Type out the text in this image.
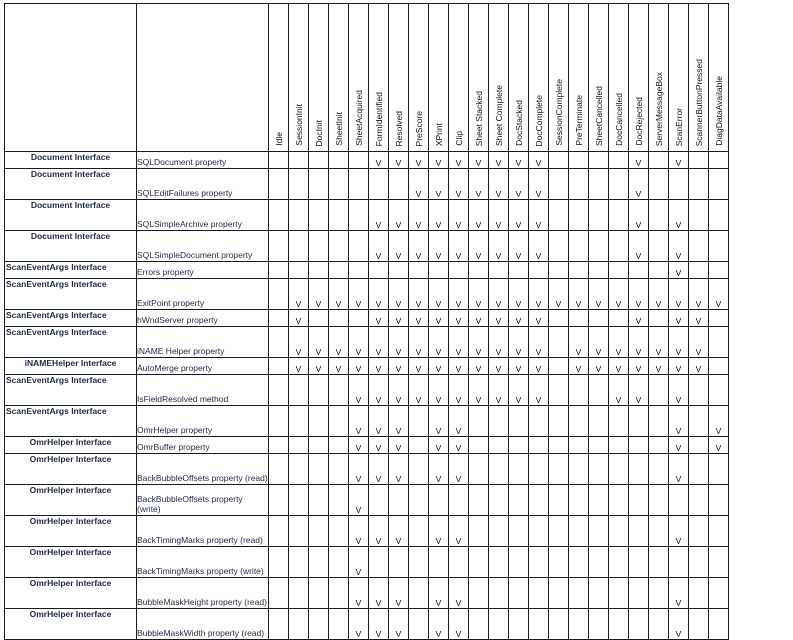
		Idle	SessionInit	DocInit	SheetInit	SheetAcquired	FormIdentified	Resolved	PreScore	XPrint	Clip	Sheet Stacked	Sheet Complete	DocStacked	DocComplete	SessionComplete	PreTerminate	SheetCancelled	DocCancelled	DocRejected	ServerMessageBox	ScanError	ScannerButtonPressed	DiagDataAvailable

Document Interface	SQLDocument property						V	V	V	V	V	V	V	V	V					V		V		
Document Interface	SQLEditFailures property								V	V	V	V	V	V	V					V				
Document Interface	SQLSimpleArchive property						V	V	V	V	V	V	V	V	V					V		V		
Document Interface	SQLSimpleDocument property						V	V	V	V	V	V	V	V	V					V		V		
ScanEventArgs Interface	Errors property																					V		
ScanEventArgs Interface	ExitPoint property		V	V	V	V	V	V	V	V	V	V	V	V	V	V	V	V	V	V	V	V	V	V
ScanEventArgs Interface	hWndServer property		V				V	V	V	V	V	V	V	V	V					V		V	V	
ScanEventArgs Interface	iNAME Helper property		V	V	V	V	V	V	V	V	V	V	V	V	V		V	V	V	V	V	V	V	
iNAMEHelper Interface	AutoMerge property		V	V	V	V	V	V	V	V	V	V	V	V	V		V	V	V	V	V	V	V	
ScanEventArgs Interface	IsFieldResolved method					V	V	V	V	V	V	V	V	V	V				V	V		V		
ScanEventArgs Interface	OmrHelper property					V	V	V		V	V											V		V
OmrHelper Interface	OmrBuffer property					V	V	V		V	V											V		V
OmrHelper Interface	BackBubbleOffsets property (read)					V	V	V		V	V											V		
OmrHelper Interface	BackBubbleOffsets property (write)					V																		
OmrHelper Interface	BackTimingMarks property (read)					V	V	V		V	V											V		
OmrHelper Interface	BackTimingMarks property (write)					V																		
OmrHelper Interface	BubbleMaskHeight property (read)					V	V	V		V	V											V		
OmrHelper Interface	BubbleMaskWidth property (read)					V	V	V		V	V											V		
